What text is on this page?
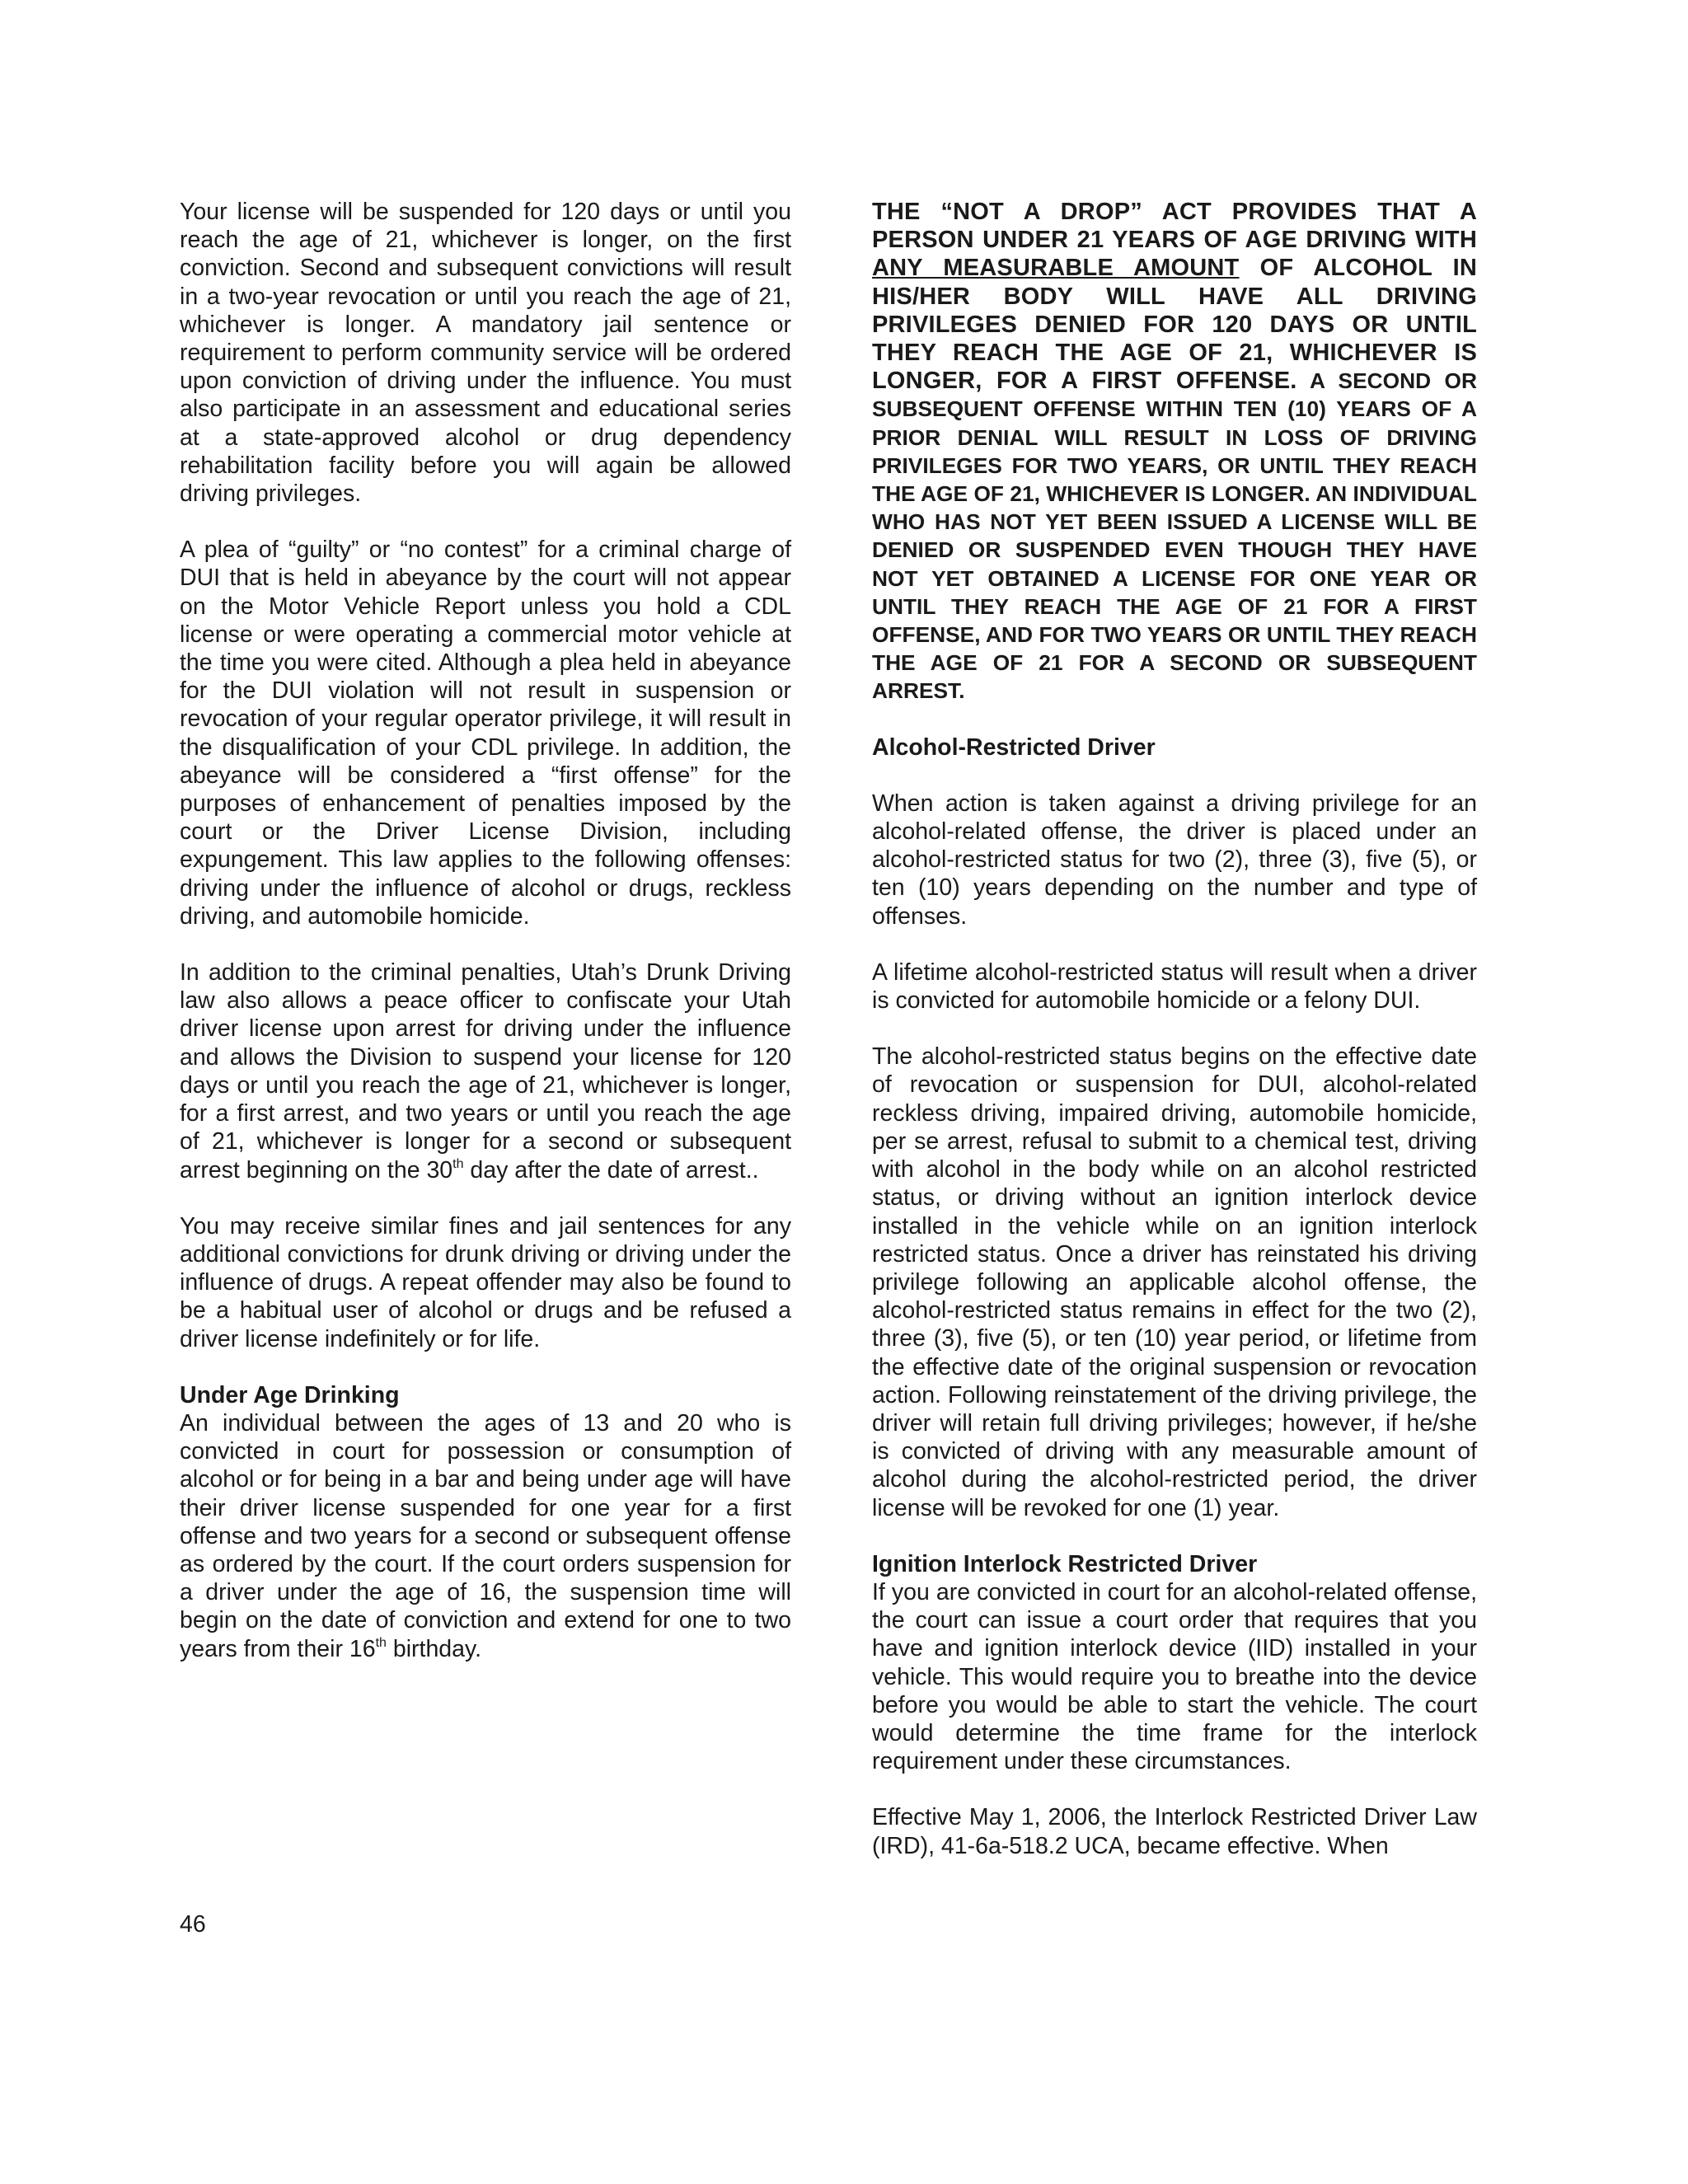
Your license will be suspended for 120 days or until you reach the age of 21, whichever is longer, on the first conviction. Second and subsequent convictions will result in a two-year revocation or until you reach the age of 21, whichever is longer. A mandatory jail sentence or requirement to perform community service will be ordered upon conviction of driving under the influence. You must also participate in an assessment and educational series at a state-approved alcohol or drug dependency rehabilitation facility before you will again be allowed driving privileges.

A plea of “guilty” or “no contest” for a criminal charge of DUI that is held in abeyance by the court will not appear on the Motor Vehicle Report unless you hold a CDL license or were operating a commercial motor vehicle at the time you were cited. Although a plea held in abeyance for the DUI violation will not result in suspension or revocation of your regular operator privilege, it will result in the disqualification of your CDL privilege. In addition, the abeyance will be considered a “first offense” for the purposes of enhancement of penalties imposed by the court or the Driver License Division, including expungement. This law applies to the following offenses: driving under the influence of alcohol or drugs, reckless driving, and automobile homicide.

In addition to the criminal penalties, Utah’s Drunk Driving law also allows a peace officer to confiscate your Utah driver license upon arrest for driving under the influence and allows the Division to suspend your license for 120 days or until you reach the age of 21, whichever is longer, for a first arrest, and two years or until you reach the age of 21, whichever is longer for a second or subsequent arrest beginning on the 30th day after the date of arrest..

You may receive similar fines and jail sentences for any additional convictions for drunk driving or driving under the influence of drugs. A repeat offender may also be found to be a habitual user of alcohol or drugs and be refused a driver license indefinitely or for life.

Under Age Drinking

An individual between the ages of 13 and 20 who is convicted in court for possession or consumption of alcohol or for being in a bar and being under age will have their driver license suspended for one year for a first offense and two years for a second or subsequent offense as ordered by the court. If the court orders suspension for a driver under the age of 16, the suspension time will begin on the date of conviction and extend for one to two years from their 16th birthday.

THE “NOT A DROP” ACT PROVIDES THAT A PERSON UNDER 21 YEARS OF AGE DRIVING WITH ANY MEASURABLE AMOUNT OF ALCOHOL IN HIS/HER BODY WILL HAVE ALL DRIVING PRIVILEGES DENIED FOR 120 DAYS OR UNTIL THEY REACH THE AGE OF 21, WHICHEVER IS LONGER, FOR A FIRST OFFENSE. A SECOND OR SUBSEQUENT OFFENSE WITHIN TEN (10) YEARS OF A PRIOR DENIAL WILL RESULT IN LOSS OF DRIVING PRIVILEGES FOR TWO YEARS, OR UNTIL THEY REACH THE AGE OF 21, WHICHEVER IS LONGER. AN INDIVIDUAL WHO HAS NOT YET BEEN ISSUED A LICENSE WILL BE DENIED OR SUSPENDED EVEN THOUGH THEY HAVE NOT YET OBTAINED A LICENSE FOR ONE YEAR OR UNTIL THEY REACH THE AGE OF 21 FOR A FIRST OFFENSE, AND FOR TWO YEARS OR UNTIL THEY REACH THE AGE OF 21 FOR A SECOND OR SUBSEQUENT ARREST.
Alcohol-Restricted Driver

When action is taken against a driving privilege for an alcohol-related offense, the driver is placed under an alcohol-restricted status for two (2), three (3), five (5), or ten (10) years depending on the number and type of offenses.

A lifetime alcohol-restricted status will result when a driver is convicted for automobile homicide or a felony DUI.

The alcohol-restricted status begins on the effective date of revocation or suspension for DUI, alcohol-related reckless driving, impaired driving, automobile homicide, per se arrest, refusal to submit to a chemical test, driving with alcohol in the body while on an alcohol restricted status, or driving without an ignition interlock device installed in the vehicle while on an ignition interlock restricted status. Once a driver has reinstated his driving privilege following an applicable alcohol offense, the alcohol-restricted status remains in effect for the two (2), three (3), five (5), or ten (10) year period, or lifetime from the effective date of the original suspension or revocation action. Following reinstatement of the driving privilege, the driver will retain full driving privileges; however, if he/she is convicted of driving with any measurable amount of alcohol during the alcohol-restricted period, the driver license will be revoked for one (1) year.

Ignition Interlock Restricted Driver

If you are convicted in court for an alcohol-related offense, the court can issue a court order that requires that you have and ignition interlock device (IID) installed in your vehicle. This would require you to breathe into the device before you would be able to start the vehicle. The court would determine the time frame for the interlock requirement under these circumstances.

Effective May 1, 2006, the Interlock Restricted Driver Law (IRD), 41-6a-518.2 UCA, became effective. When

46
